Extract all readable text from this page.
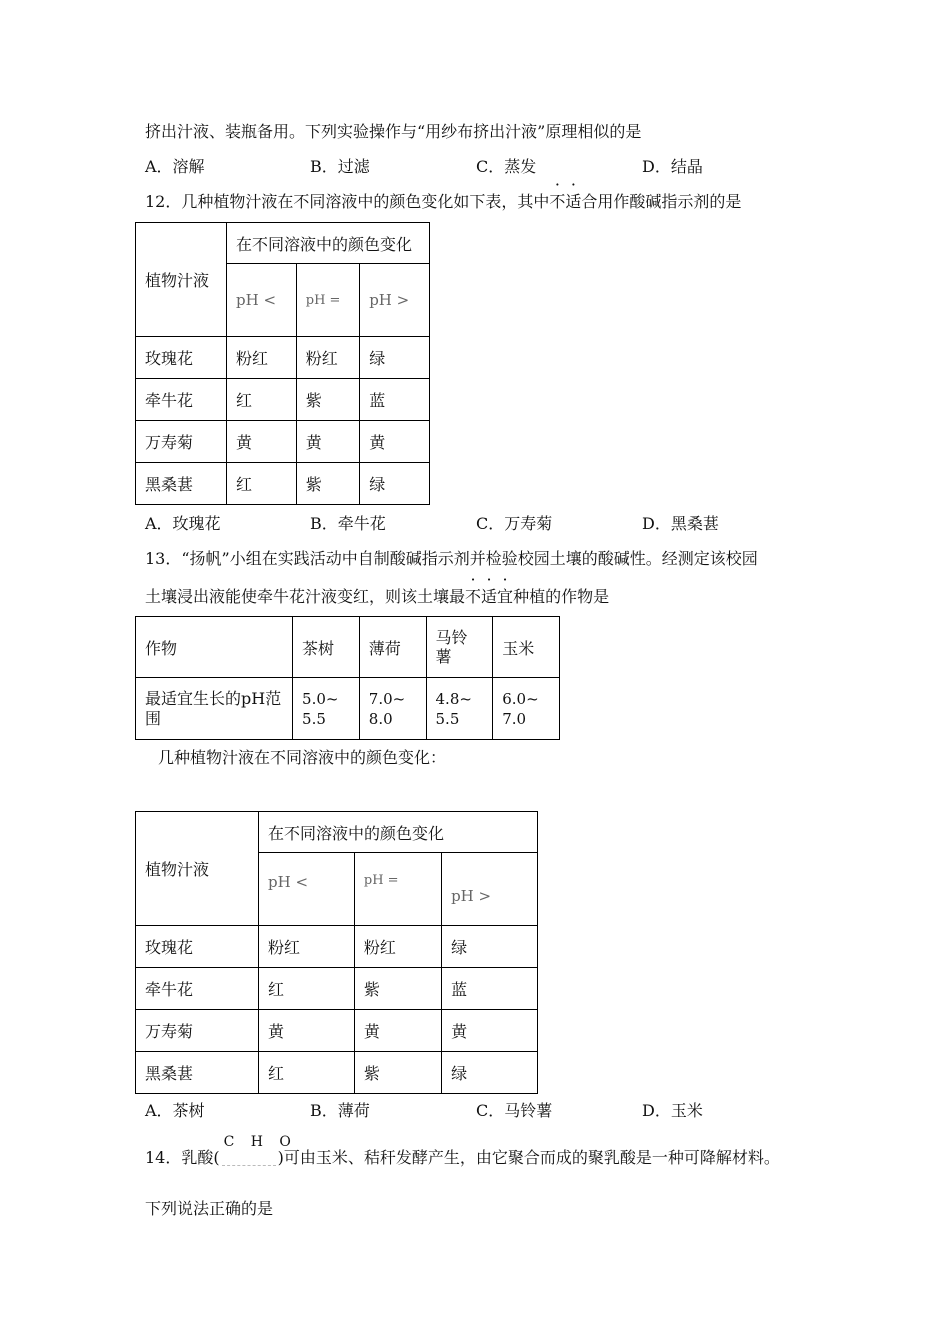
挤出汁液、装瓶备用。下列实验操作与“用纱布挤出汁液”原理相似的是
A．溶解	B．过滤	C．蒸发	D．结晶
12．几种植物汁液在不同溶液中的颜色变化如下表，其中不适合用作酸碱指示剂的是
植物汁液	在不同溶液中的颜色变化		
	pH <	pH =	pH >
玫瑰花	粉红	粉红	绿
牵牛花	红	紫	蓝
万寿菊	黄	黄	黄
黑桑葚	红	紫	绿
A．玫瑰花	B．牵牛花	C．万寿菊	D．黑桑葚
13．“扬帆”小组在实践活动中自制酸碱指示剂并检验校园土壤的酸碱性。经测定该校园
土壤浸出液能使牵牛花汁液变红，则该土壤最不适宜种植的作物是
作物	茶树	薄荷	马铃薯	玉米
最适宜生长的pH范围	5.0~5.5	7.0~8.0	4.8~5.5	6.0~7.0
几种植物汁液在不同溶液中的颜色变化：
植物汁液	在不同溶液中的颜色变化		
	pH <	pH =	pH >
玫瑰花	粉红	粉红	绿
牵牛花	红	紫	蓝
万寿菊	黄	黄	黄
黑桑葚	红	紫	绿
A．茶树	B．薄荷	C．马铃薯	D．玉米
14．乳酸(
C H O
)可由玉米、秸秆发酵产生，由它聚合而成的聚乳酸是一种可降解材料。
下列说法正确的是
